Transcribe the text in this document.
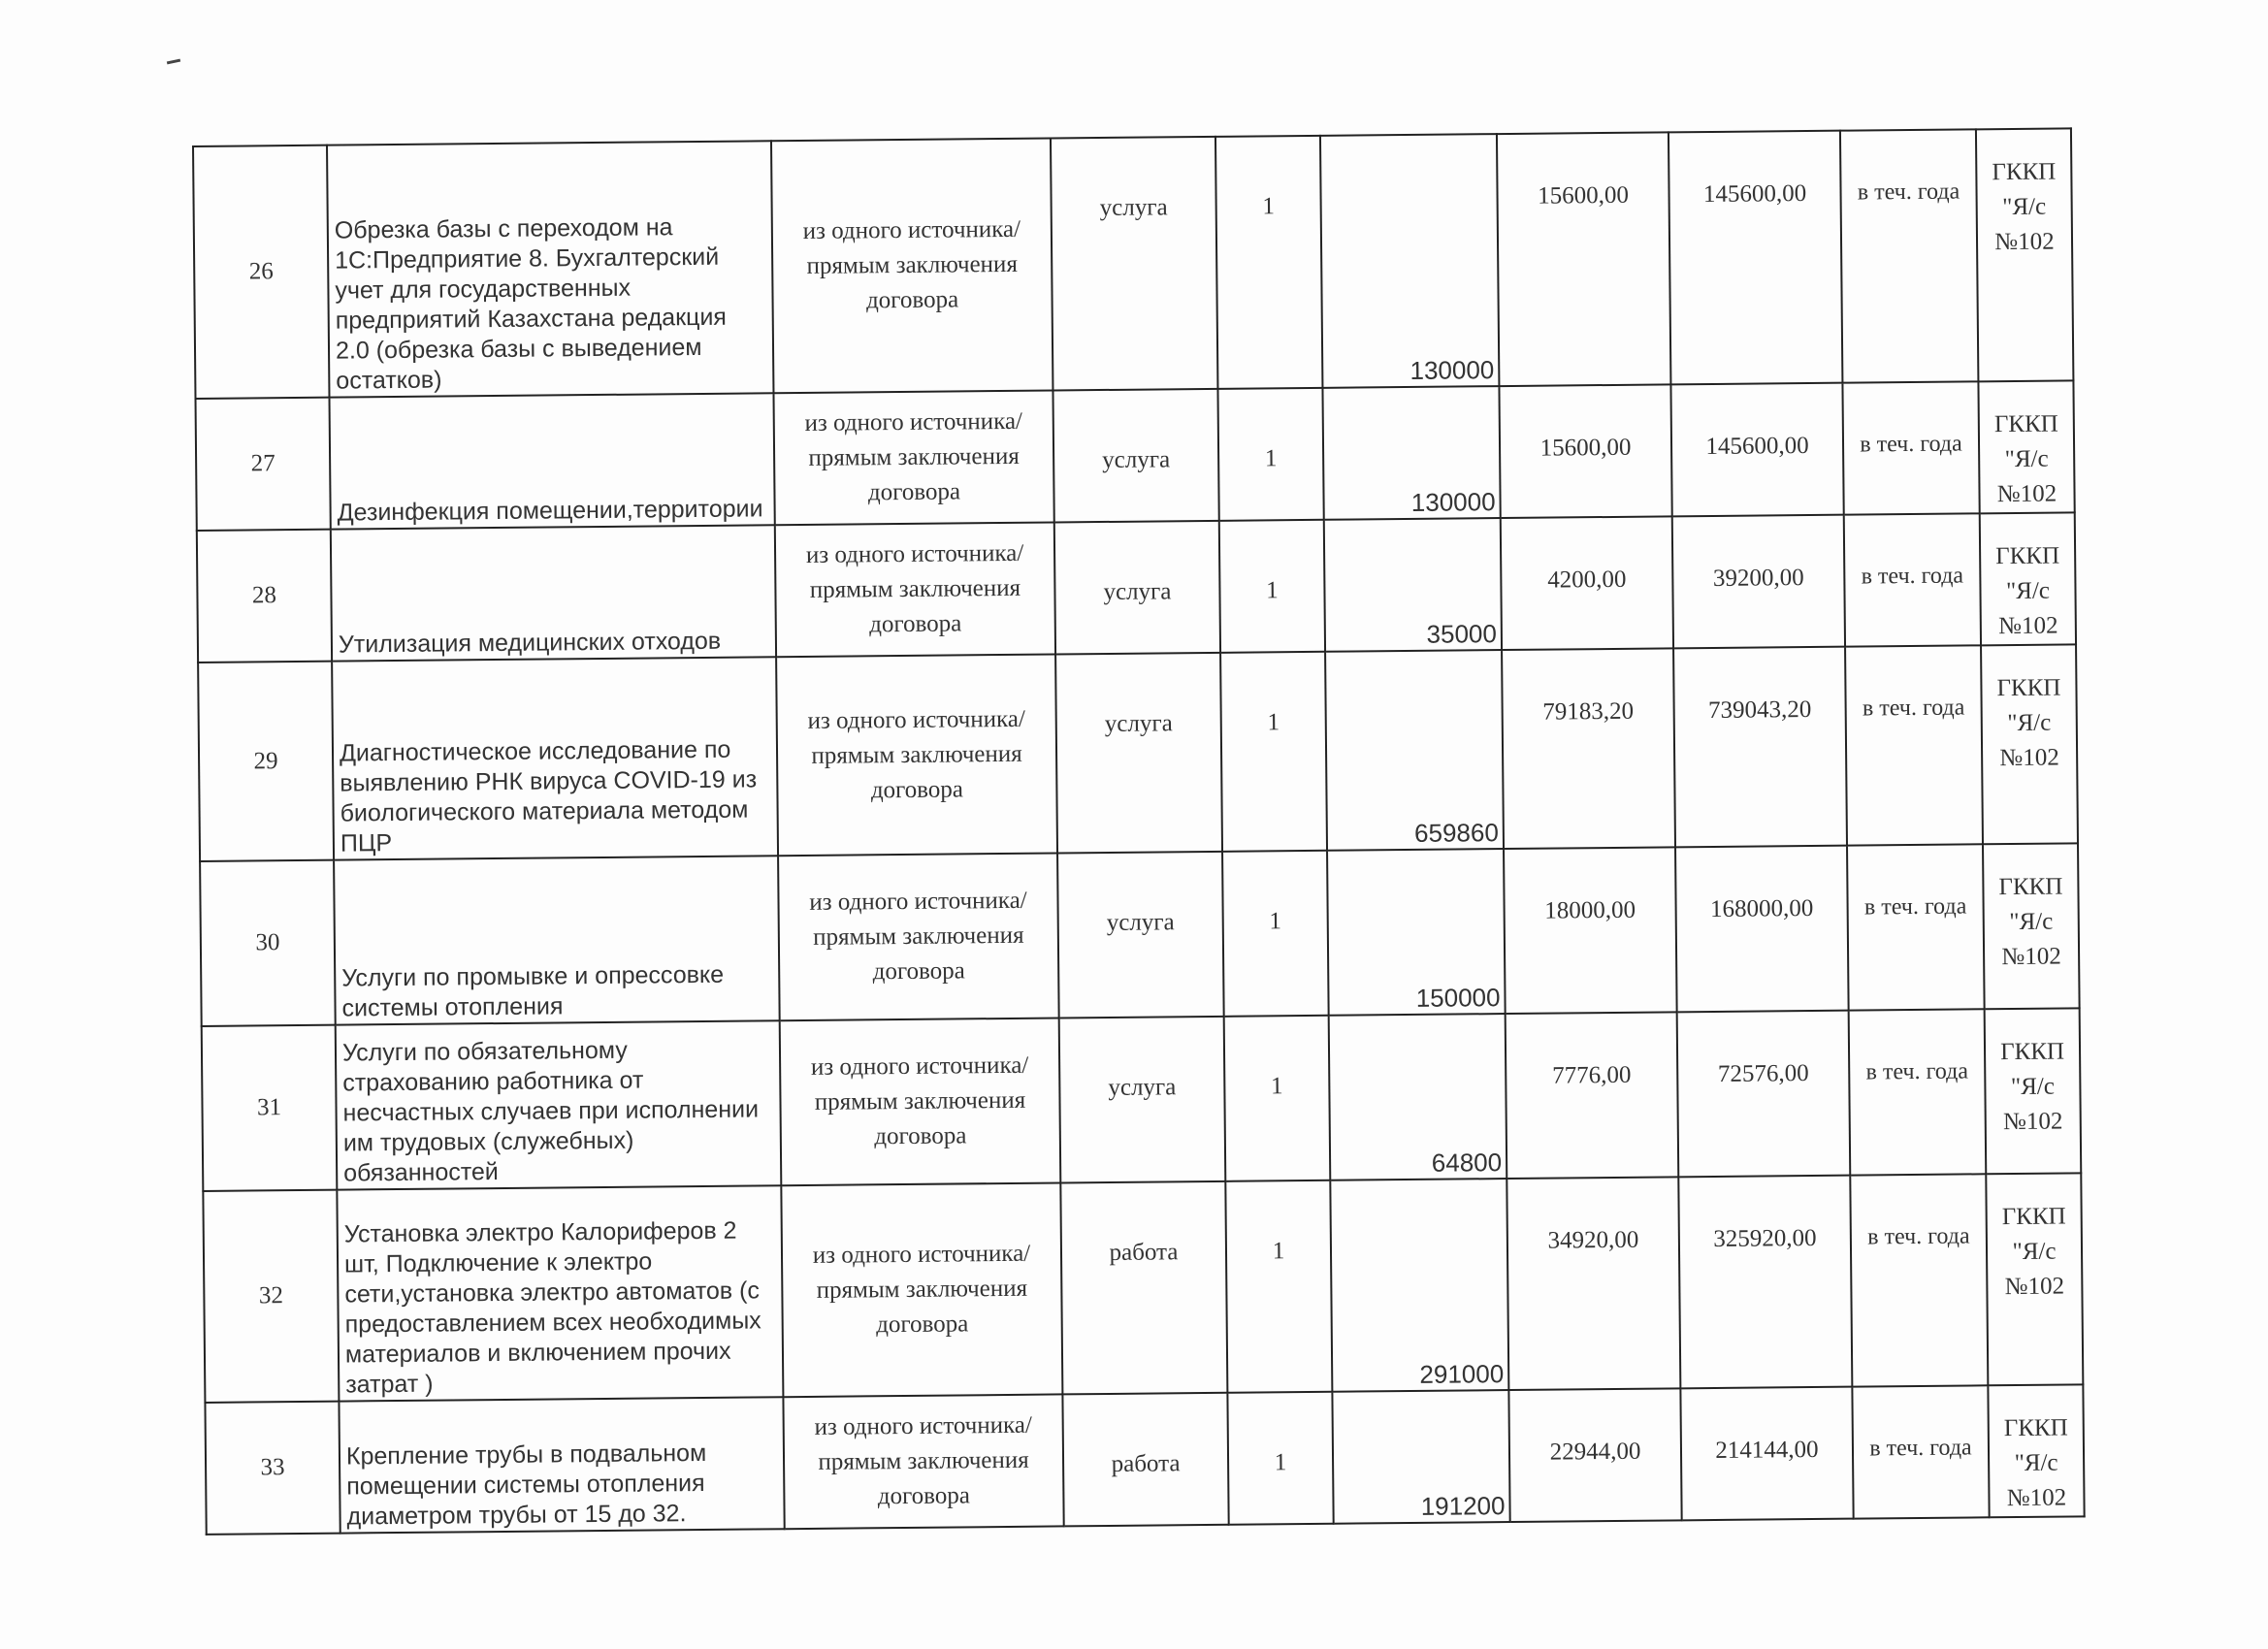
26	Обрезка базы с переходом на 1С:Предприятие 8. Бухгалтерский учет для государственных предприятий Казахстана редакция 2.0 (обрезка базы с выведением остатков)	из одного источника/ прямым заключения договора	услуга	1	130000	15600,00	145600,00	в теч. года	ГККП "Я/с №102
27	Дезинфекция помещении,территории	из одного источника/ прямым заключения договора	услуга	1	130000	15600,00	145600,00	в теч. года	ГККП "Я/с №102
28	Утилизация медицинских отходов	из одного источника/ прямым заключения договора	услуга	1	35000	4200,00	39200,00	в теч. года	ГККП "Я/с №102
29	Диагностическое исследование по выявлению РНК вируса COVID-19 из биологического материала методом ПЦР	из одного источника/ прямым заключения договора	услуга	1	659860	79183,20	739043,20	в теч. года	ГККП "Я/с №102
30	Услуги по промывке и опрессовке системы отопления	из одного источника/ прямым заключения договора	услуга	1	150000	18000,00	168000,00	в теч. года	ГККП "Я/с №102
31	Услуги по обязательному страхованию работника от несчастных случаев при исполнении им трудовых (служебных) обязанностей	из одного источника/ прямым заключения договора	услуга	1	64800	7776,00	72576,00	в теч. года	ГККП "Я/с №102
32	Установка электро Калориферов 2 шт, Подключение к электро сети,установка электро автоматов (с предоставлением всех необходимых материалов и включением прочих затрат )	из одного источника/ прямым заключения договора	работа	1	291000	34920,00	325920,00	в теч. года	ГККП "Я/с №102
33	Крепление трубы в подвальном помещении системы отопления диаметром трубы от 15 до 32.	из одного источника/ прямым заключения договора	работа	1	191200	22944,00	214144,00	в теч. года	ГККП "Я/с №102
